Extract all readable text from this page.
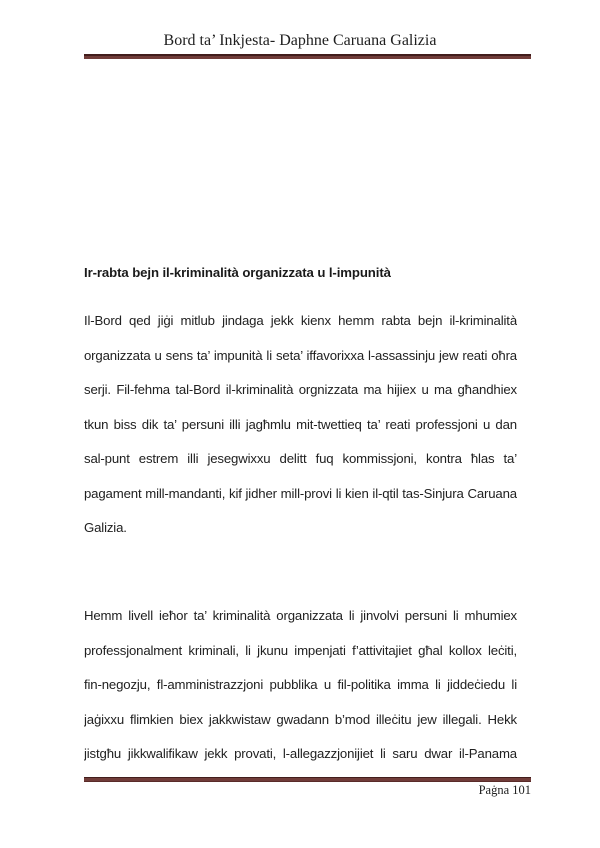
Bord ta’ Inkjesta- Daphne Caruana Galizia
Ir-rabta bejn il-kriminalità organizzata u l-impunità
Il-Bord qed jiġi mitlub jindaga jekk kienx hemm rabta bejn il-kriminalità
organizzata u sens ta’ impunità li seta’ iffavorixxa l-assassinju jew reati oħra
serji. Fil-fehma tal-Bord il-kriminalità orgnizzata ma hijiex u ma għandhiex
tkun biss dik ta’ persuni illi jagħmlu mit-twettieq ta’ reati professjoni u dan
sal-punt estrem illi jesegwixxu delitt fuq kommissjoni, kontra ħlas ta’
pagament mill-mandanti, kif jidher mill-provi li kien il-qtil tas-Sinjura Caruana
Galizia.
Hemm livell ieħor ta’ kriminalità organizzata li jinvolvi persuni li mhumiex
professjonalment kriminali, li jkunu impenjati f’attivitajiet għal kollox leċiti,
fin-negozju, fl-amministrazzjoni pubblika u fil-politika imma li jiddeċiedu li
jaġixxu flimkien biex jakkwistaw gwadann b’mod illeċitu jew illegali. Hekk
jistgħu jikkwalifikaw jekk provati, l-allegazzjonijiet li saru dwar il-Panama
Paġna 101
